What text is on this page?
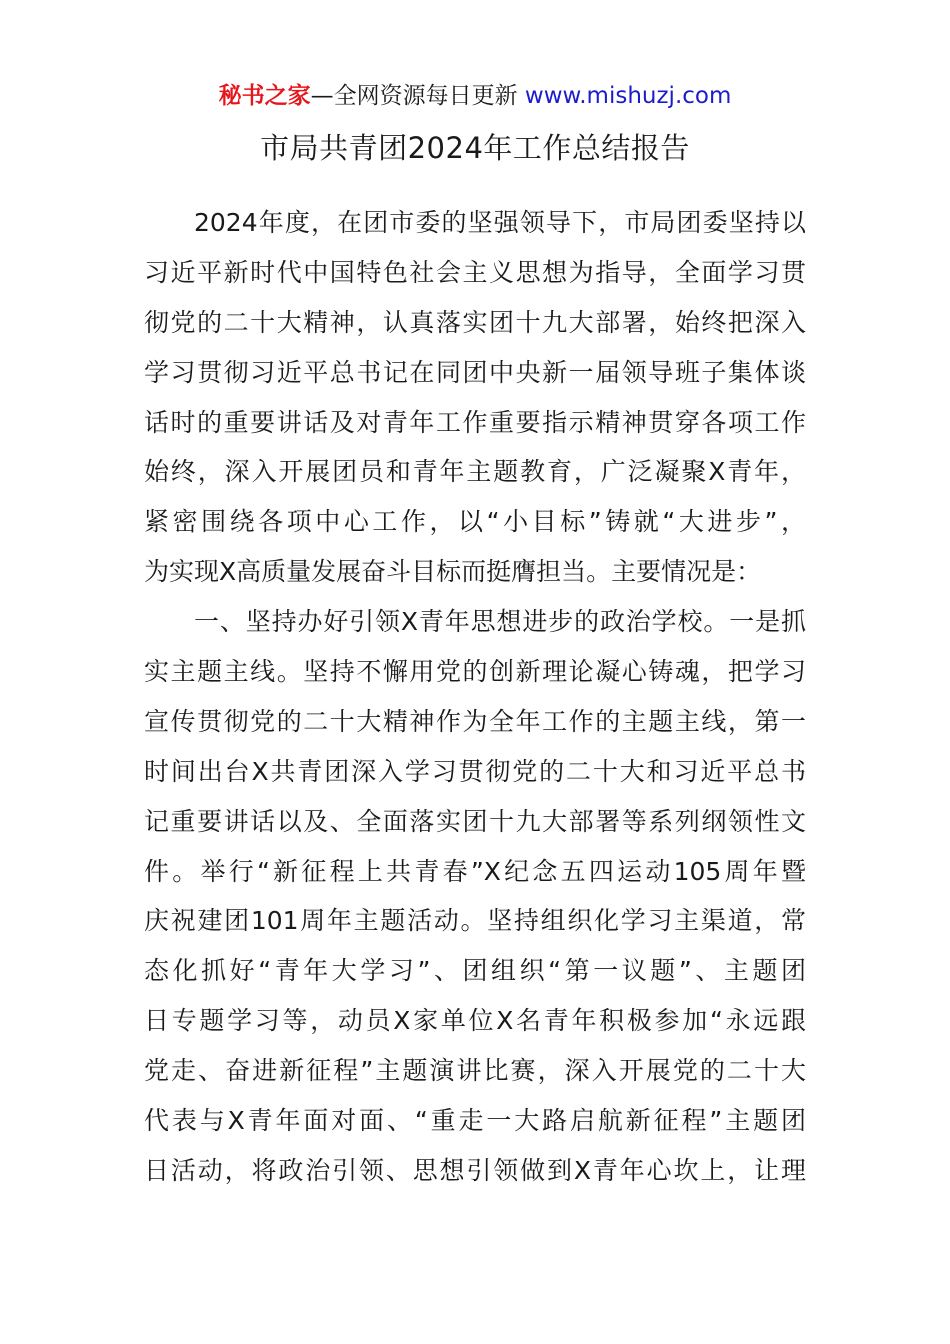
秘书之家—全网资源每日更新 www.mishuzj.com
市局共青团2024年工作总结报告
2024年度，在团市委的坚强领导下，市局团委坚持以
习近平新时代中国特色社会主义思想为指导，全面学习贯
彻党的二十大精神，认真落实团十九大部署，始终把深入
学习贯彻习近平总书记在同团中央新一届领导班子集体谈
话时的重要讲话及对青年工作重要指示精神贯穿各项工作
始终，深入开展团员和青年主题教育，广泛凝聚X青年，
紧密围绕各项中心工作，以“小目标”铸就“大进步”，
为实现X高质量发展奋斗目标而挺膺担当。主要情况是：
一、坚持办好引领X青年思想进步的政治学校。一是抓
实主题主线。坚持不懈用党的创新理论凝心铸魂，把学习
宣传贯彻党的二十大精神作为全年工作的主题主线，第一
时间出台X共青团深入学习贯彻党的二十大和习近平总书
记重要讲话以及、全面落实团十九大部署等系列纲领性文
件。举行“新征程上共青春”X纪念五四运动105周年暨
庆祝建团101周年主题活动。坚持组织化学习主渠道，常
态化抓好“青年大学习”、团组织“第一议题”、主题团
日专题学习等，动员X家单位X名青年积极参加“永远跟
党走、奋进新征程”主题演讲比赛，深入开展党的二十大
代表与X青年面对面、“重走一大路启航新征程”主题团
日活动，将政治引领、思想引领做到X青年心坎上，让理
